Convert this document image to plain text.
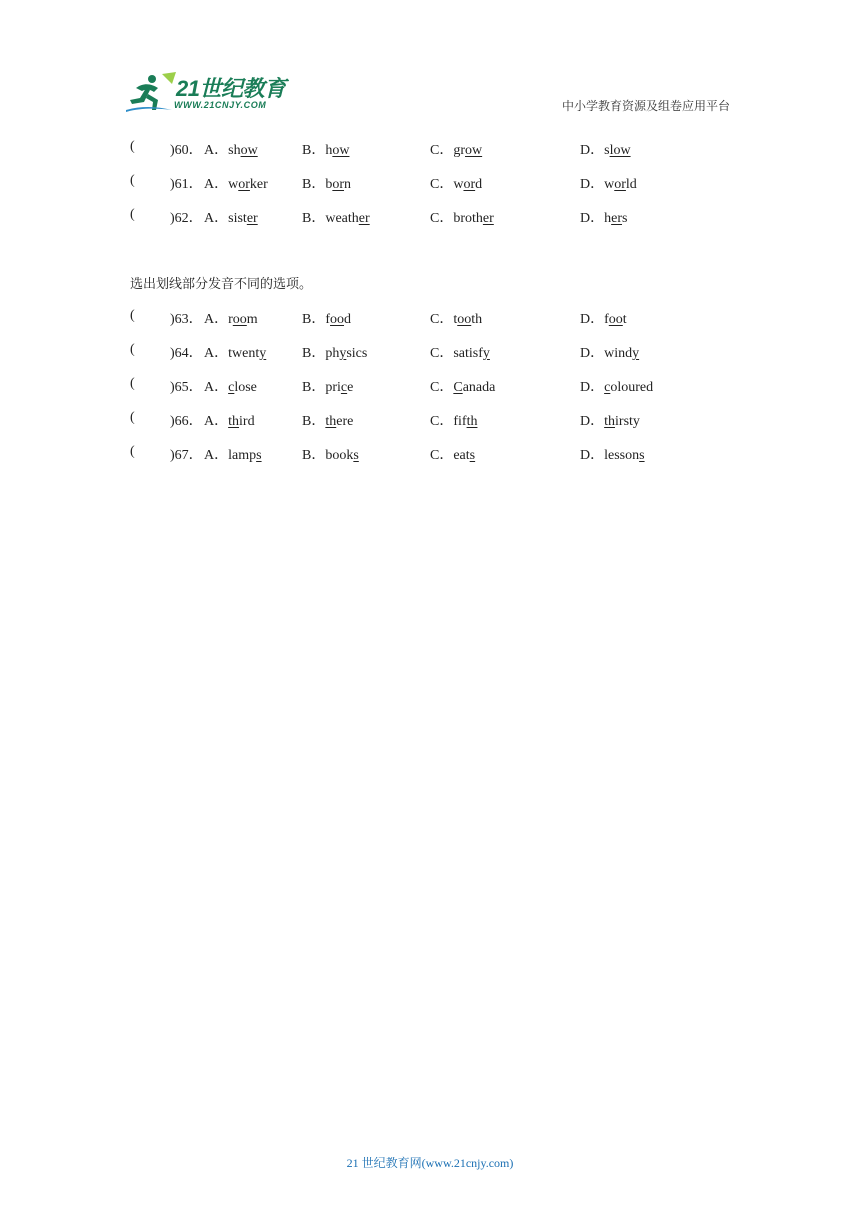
21世纪教育
WWW.21CNJY.COM	中小学教育资源及组卷应用平台
(	)60． A．show	B．how	C．grow	D．slow
(	)61． A．worker B．born	C．word	D．world
(	)62． A．sister	B．weather	C．brother	D．hers
选出划线部分发音不同的选项。
(	)63． A．room	B．food	C．tooth	D．foot
(	)64． A．twenty	B．physics	C．satisfy	D．windy
(	)65． A．close	B．price	C．Canada	D．coloured
(	)66． A．third	B．there	C．fifth	D．thirsty
(	)67． A．lamps	B．books	C．eats	D．lessons
21 世纪教育网(www.21cnjy.com)
